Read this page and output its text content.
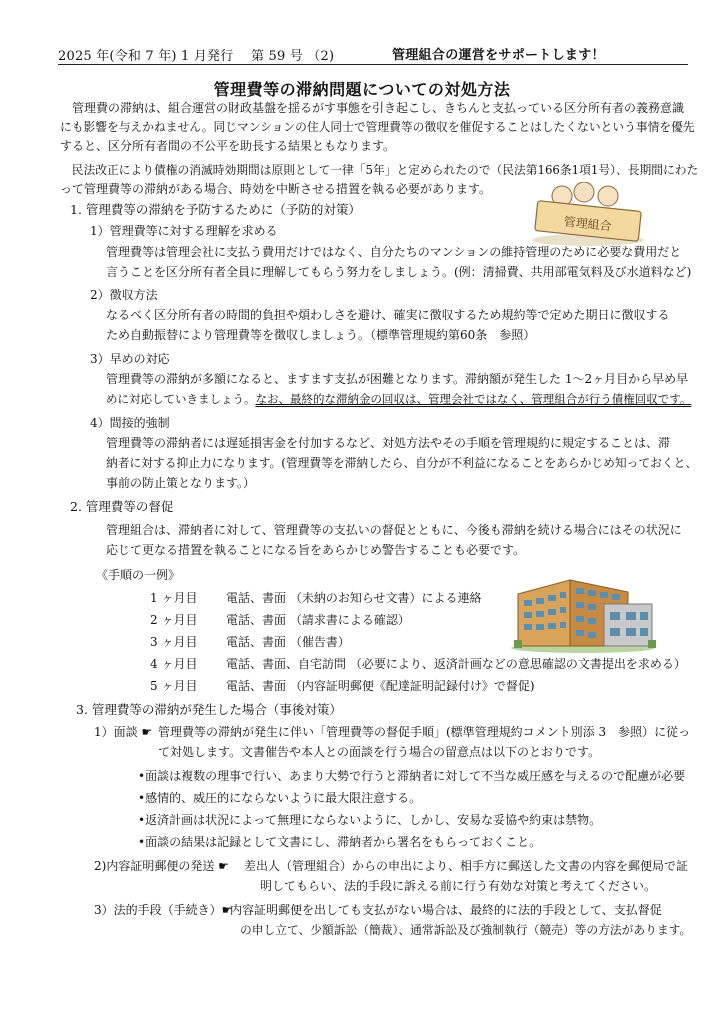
2025 年(令和 7 年) 1 月発行　 第 59 号 （2)	管理組合の運営をサポートします！
管理費等の滞納問題についての対処方法
　管理費の滞納は、組合運営の財政基盤を揺るがす事態を引き起こし、きちんと支払っている区分所有者の義務意識
にも影響を与えかねません。同じマンションの住人同士で管理費等の徴収を催促することはしたくないという事情を優先
すると、区分所有者間の不公平を助長する結果ともなります。
　民法改正により債権の消滅時効期間は原則として一律「5年」と定められたので（民法第166条1項1号）、長期間にわた
って管理費等の滞納がある場合、時効を中断させる措置を執る必要があります。
管理組合
1. 管理費等の滞納を予防するために（予防的対策）
1）管理費等に対する理解を求める
管理費等は管理会社に支払う費用だけではなく、自分たちのマンションの維持管理のために必要な費用だと
言うことを区分所有者全員に理解してもらう努力をしましょう。(例：清掃費、共用部電気料及び水道料など)
2）徴収方法
なるべく区分所有者の時間的負担や煩わしさを避け、確実に徴収するため規約等で定めた期日に徴収する
ため自動振替により管理費等を徴収しましょう。（標準管理規約第60条　参照）
3）早めの対応
管理費等の滞納が多額になると、ますます支払が困難となります。滞納額が発生した 1～2ヶ月目から早め早
めに対応していきましょう。なお、最終的な滞納金の回収は、管理会社ではなく、管理組合が行う債権回収です。
4）間接的強制
管理費等の滞納者には遅延損害金を付加するなど、対処方法やその手順を管理規約に規定することは、滞
納者に対する抑止力になります。(管理費等を滞納したら、自分が不利益になることをあらかじめ知っておくと、
事前の防止策となります。）
2. 管理費等の督促
管理組合は、滞納者に対して、管理費等の支払いの督促とともに、今後も滞納を続ける場合にはその状況に
応じて更なる措置を執ることになる旨をあらかじめ警告することも必要です。
《手順の一例》
1 ヶ月目 電話、書面 （未納のお知らせ文書）による連絡
2 ヶ月目 電話、書面 （請求書による確認）
3 ヶ月目 電話、書面 （催告書）
4 ヶ月目 電話、書面、自宅訪問 （必要により、返済計画などの意思確認の文書提出を求める）
5 ヶ月目 電話、書面 （内容証明郵便《配達証明記録付け》で督促)
3. 管理費等の滞納が発生した場合（事後対策）
1）面談 ☛ 管理費等の滞納が発生に伴い「管理費等の督促手順」(標準管理規約コメント別添 3　参照）に従っ
て対処します。文書催告や本人との面談を行う場合の留意点は以下のとおりです。
•面談は複数の理事で行い、あまり大勢で行うと滞納者に対して不当な威圧感を与えるので配慮が必要
•感情的、威圧的にならないように最大限注意する。
•返済計画は状況によって無理にならないように、しかし、安易な妥協や約束は禁物。
•面談の結果は記録として文書にし、滞納者から署名をもらっておくこと。
2)内容証明郵便の発送 ☛ 差出人（管理組合）からの申出により、相手方に郵送した文書の内容を郵便局で証
明してもらい、法的手段に訴える前に行う有効な対策と考えてください。
3）法的手段（手続き）☛
内容証明郵便を出しても支払がない場合は、最終的に法的手段として、支払督促
の申し立て、少額訴訟（簡裁）、通常訴訟及び強制執行（競売）等の方法があります。
